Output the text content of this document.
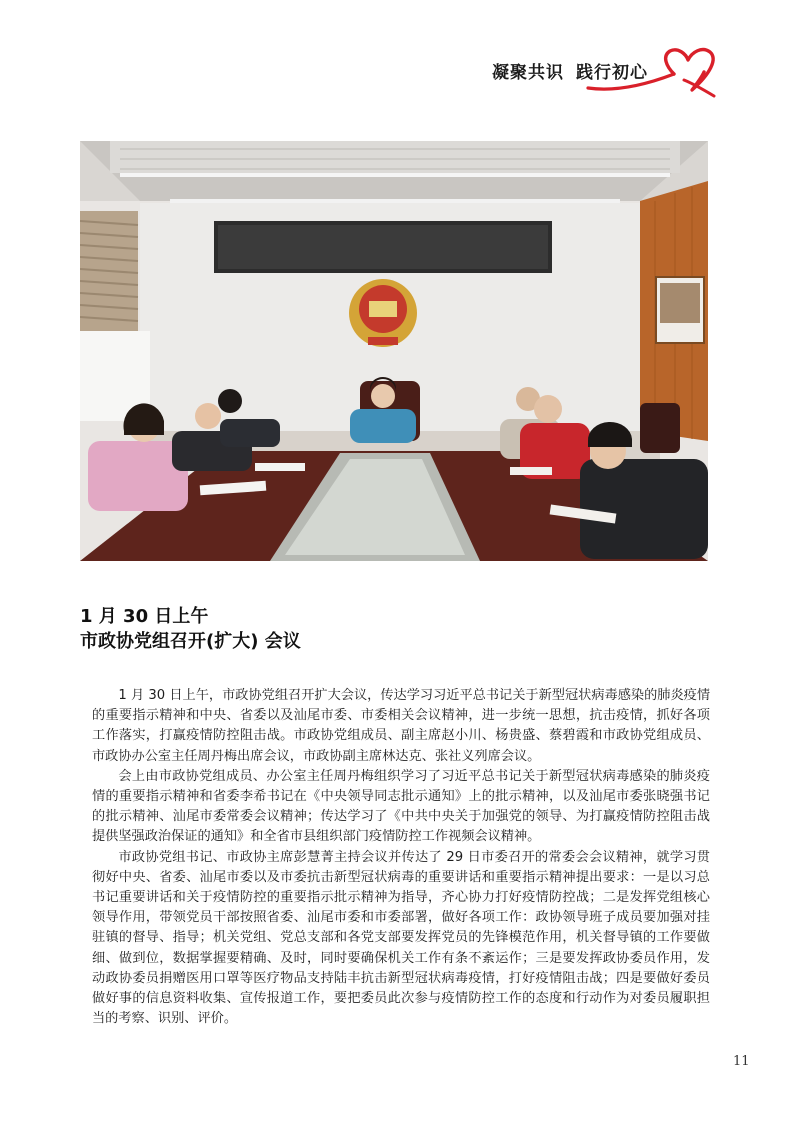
凝聚共识 践行初心
1 月 30 日上午
市政协党组召开(扩大) 会议

1 月 30 日上午，市政协党组召开扩大会议，传达学习习近平总书记关于新型冠状病毒感染的肺炎疫情的重要指示精神和中央、省委以及汕尾市委、市委相关会议精神，进一步统一思想，抗击疫情，抓好各项工作落实，打赢疫情防控阻击战。市政协党组成员、副主席赵小川、杨贵盛、蔡碧霞和市政协党组成员、市政协办公室主任周丹梅出席会议，市政协副主席林达克、张社义列席会议。

会上由市政协党组成员、办公室主任周丹梅组织学习了习近平总书记关于新型冠状病毒感染的肺炎疫情的重要指示精神和省委李希书记在《中央领导同志批示通知》上的批示精神，以及汕尾市委张晓强书记的批示精神、汕尾市委常委会议精神；传达学习了《中共中央关于加强党的领导、为打赢疫情防控阻击战提供坚强政治保证的通知》和全省市县组织部门疫情防控工作视频会议精神。

市政协党组书记、市政协主席彭慧菁主持会议并传达了 29 日市委召开的常委会会议精神，就学习贯彻好中央、省委、汕尾市委以及市委抗击新型冠状病毒的重要讲话和重要指示精神提出要求：一是以习总书记重要讲话和关于疫情防控的重要指示批示精神为指导，齐心协力打好疫情防控战；二是发挥党组核心领导作用，带领党员干部按照省委、汕尾市委和市委部署，做好各项工作：政协领导班子成员要加强对挂驻镇的督导、指导；机关党组、党总支部和各党支部要发挥党员的先锋模范作用，机关督导镇的工作要做细、做到位，数据掌握要精确、及时，同时要确保机关工作有条不紊运作；三是要发挥政协委员作用，发动政协委员捐赠医用口罩等医疗物品支持陆丰抗击新型冠状病毒疫情，打好疫情阻击战；四是要做好委员做好事的信息资料收集、宣传报道工作，要把委员此次参与疫情防控工作的态度和行动作为对委员履职担当的考察、识别、评价。

11
